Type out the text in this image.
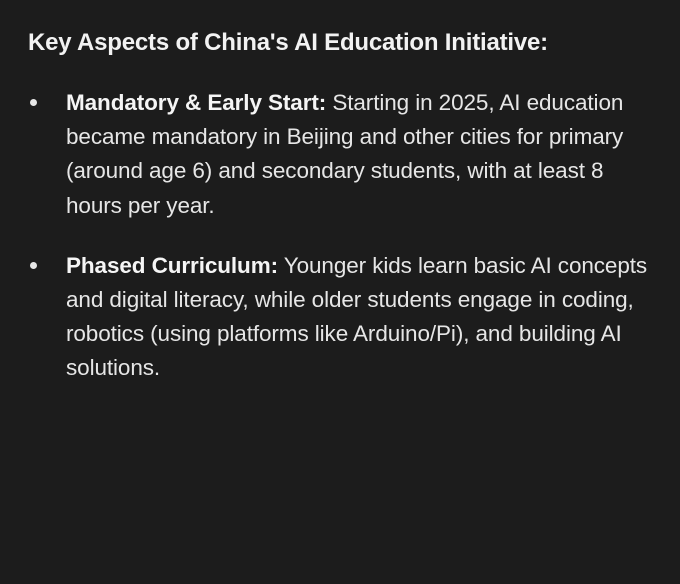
Key Aspects of China's AI Education Initiative:
Mandatory & Early Start: Starting in 2025, AI education became mandatory in Beijing and other cities for primary (around age 6) and secondary students, with at least 8 hours per year.
Phased Curriculum: Younger kids learn basic AI concepts and digital literacy, while older students engage in coding, robotics (using platforms like Arduino/Pi), and building AI solutions.
